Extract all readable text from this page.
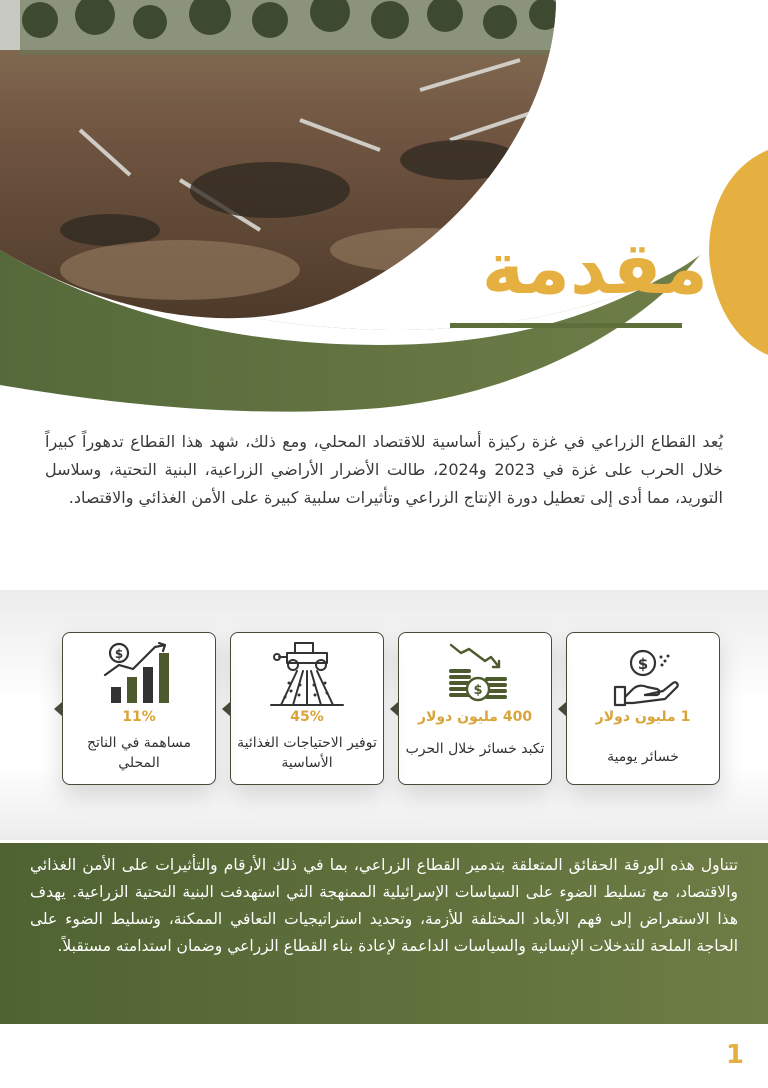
مقدمة
يُعد القطاع الزراعي في غزة ركيزة أساسية للاقتصاد المحلي، ومع ذلك، شهد هذا القطاع تدهوراً كبيراً خلال الحرب على غزة في 2023 و2024، طالت الأضرار الأراضي الزراعية، البنية التحتية، وسلاسل التوريد، مما أدى إلى تعطيل دورة الإنتاج الزراعي وتأثيرات سلبية كبيرة على الأمن الغذائي والاقتصاد.
$
1 مليون دولار
خسائر يومية
$
400 مليون دولار
تكبد خسائر خلال الحرب
45%
توفير الاحتياجات الغذائية الأساسية
$
11%
مساهمة في الناتج المحلي
تتناول هذه الورقة الحقائق المتعلقة بتدمير القطاع الزراعي، بما في ذلك الأرقام والتأثيرات على الأمن الغذائي والاقتصاد، مع تسليط الضوء على السياسات الإسرائيلية الممنهجة التي استهدفت البنية التحتية الزراعية. يهدف هذا الاستعراض إلى فهم الأبعاد المختلفة للأزمة، وتحديد استراتيجيات التعافي الممكنة، وتسليط الضوء على الحاجة الملحة للتدخلات الإنسانية والسياسات الداعمة لإعادة بناء القطاع الزراعي وضمان استدامته مستقبلاً.
1
